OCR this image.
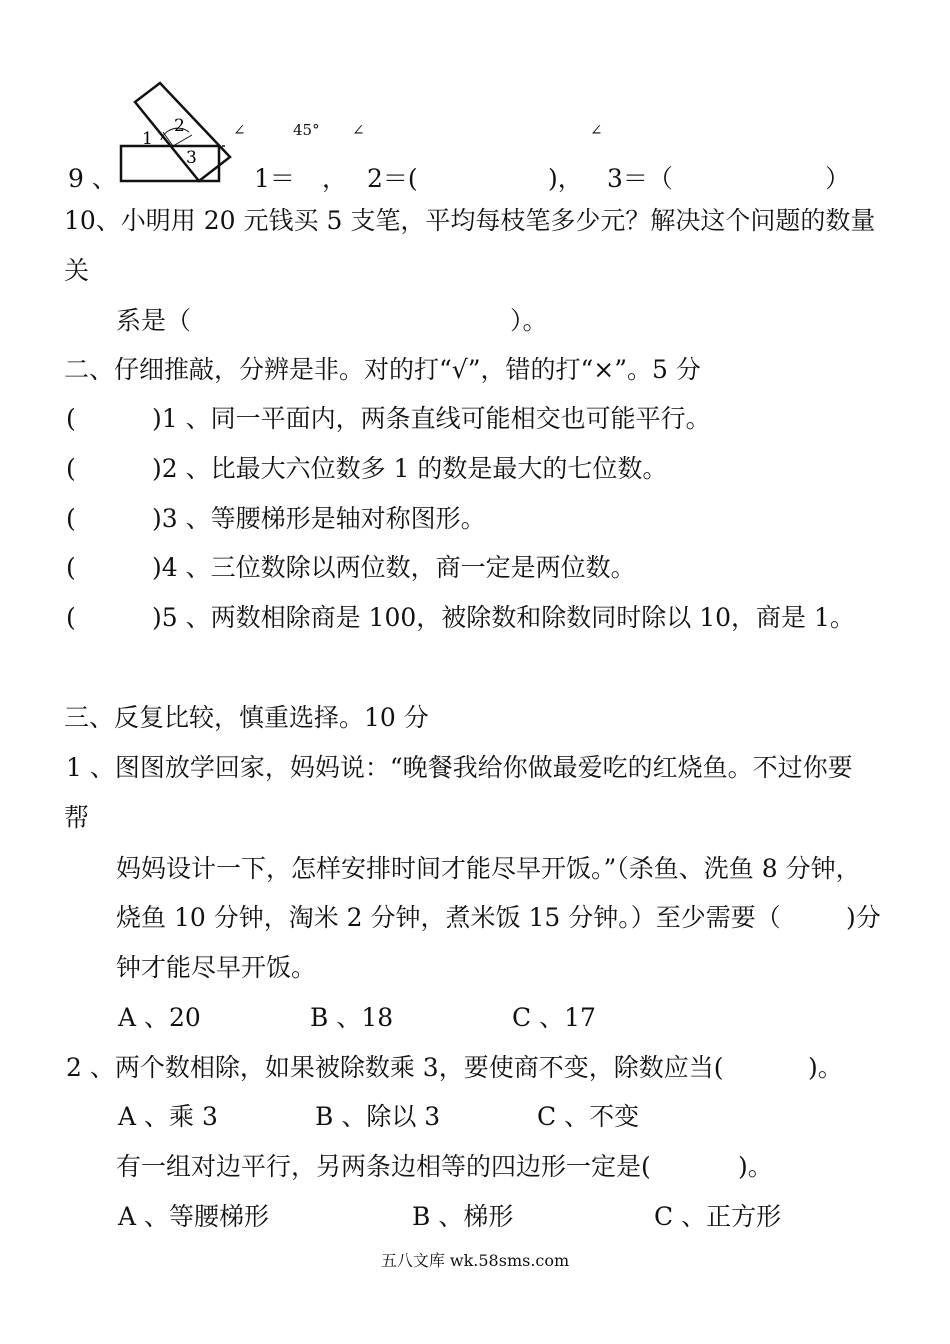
1
2
3
∠	45° ∠	∠
9 、	1＝ ， 2＝(	)， 3＝（	）
10、小明用 20 元钱买 5 支笔，平均每枝笔多少元？解决这个问题的数量
关
系是（	）。
二、仔细推敲，分辨是非。对的打“√”，错的打“×”。5 分
(	)1 、同一平面内，两条直线可能相交也可能平行。
(	)2 、比最大六位数多 1 的数是最大的七位数。
(	)3 、等腰梯形是轴对称图形。
(	)4 、三位数除以两位数，商一定是两位数。
(	)5 、两数相除商是 100，被除数和除数同时除以 10，商是 1。
三、反复比较，慎重选择。10 分
1 、图图放学回家，妈妈说：“晚餐我给你做最爱吃的红烧鱼。不过你要
帮
妈妈设计一下，怎样安排时间才能尽早开饭。”（杀鱼、洗鱼 8 分钟，
烧鱼 10 分钟，淘米 2 分钟，煮米饭 15 分钟。）至少需要（	)分
钟才能尽早开饭。
A 、20	B 、18	C 、17
2 、两个数相除，如果被除数乘 3，要使商不变，除数应当(	)。
A 、乘 3	B 、除以 3	C 、不变
有一组对边平行，另两条边相等的四边形一定是(	)。
A 、等腰梯形	B 、梯形	C 、正方形
五八文库 wk.58sms.com
